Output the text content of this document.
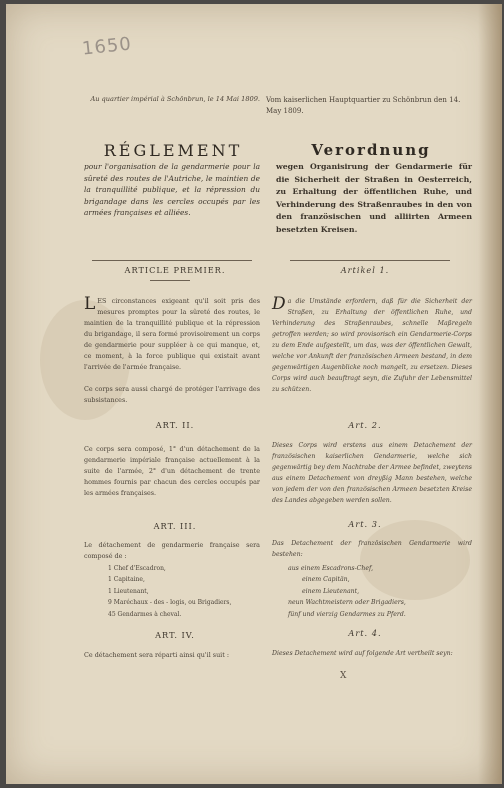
1650
Au quartier impérial à Schönbrun, le 14 Mai 1809. Vom kaiserlichen Hauptquartier zu Schönbrun den 14. May 1809.
RÉGLEMENT	Verordnung
pour l'organisation de la gendarmerie pour la sûreté des routes de l'Autriche, le maintien de la tranquillité publique, et la répression du brigandage dans les cercles occupés par les armées françaises et alliées.
wegen Organisirung der Gendarmerie für die Sicherheit der Straßen in Oesterreich, zu Erhaltung der öffentlichen Ruhe, und Verhinderung des Straßenraubes in den von den französischen und alliirten Armeen besetzten Kreisen.
ARTICLE PREMIER.	Artikel 1.
LES circonstances exigeant qu'il soit pris des mesures promptes pour la sûreté des routes, le maintien de la tranquillité publique et la répression du brigandage, il sera formé provisoirement un corps de gendarmerie pour suppléer à ce qui manque, et, ce moment, à la force publique qui existait avant l'arrivée de l'armée française.
Ce corps sera aussi chargé de protéger l'arrivage des subsistances.
Da die Umstände erfordern, daß für die Sicherheit der Straßen, zu Erhaltung der öffentlichen Ruhe, und Verhinderung des Straßenraubes, schnelle Maßregeln getroffen werden; so wird provisorisch ein Gendarmerie-Corps zu dem Ende aufgestellt, um das, was der öffentlichen Gewalt, welche vor Ankunft der französischen Armeen bestand, in dem gegenwärtigen Augenblicke noch mangelt, zu ersetzen. Dieses Corps wird auch beauftragt seyn, die Zufuhr der Lebensmittel zu schützen.
ART. II.	Art. 2.
Ce corps sera composé, 1° d'un détachement de la gendarmerie impériale française actuellement à la suite de l'armée, 2° d'un détachement de trente hommes fournis par chacun des cercles occupés par les armées françaises.
Dieses Corps wird erstens aus einem Detachement der französischen kaiserlichen Gendarmerie, welche sich gegenwärtig bey dem Nachtrabe der Armee befindet, zweytens aus einem Detachement von dreyßig Mann bestehen, welche von jedem der von den französischen Armeen besetzten Kreise des Landes abgegeben werden sollen.
ART. III.	Art. 3.
Le détachement de gendarmerie française sera composé de :
Das Detachement der französischen Gendarmerie wird bestehen:
1 Chef d'Escadron,
1 Capitaine,
1 Lieutenant,
9 Maréchaux - des - logis, ou Brigadiers,
45 Gendarmes à cheval.
aus einem Escadrons-Chef,
einem Capitän,
einem Lieutenant,
neun Wachtmeistern oder Brigadiers,
fünf und vierzig Gendarmes zu Pferd.
ART. IV.	Art. 4.
Ce détachement sera réparti ainsi qu'il suit :	Dieses Detachement wird auf folgende Art vertheilt seyn:
X
